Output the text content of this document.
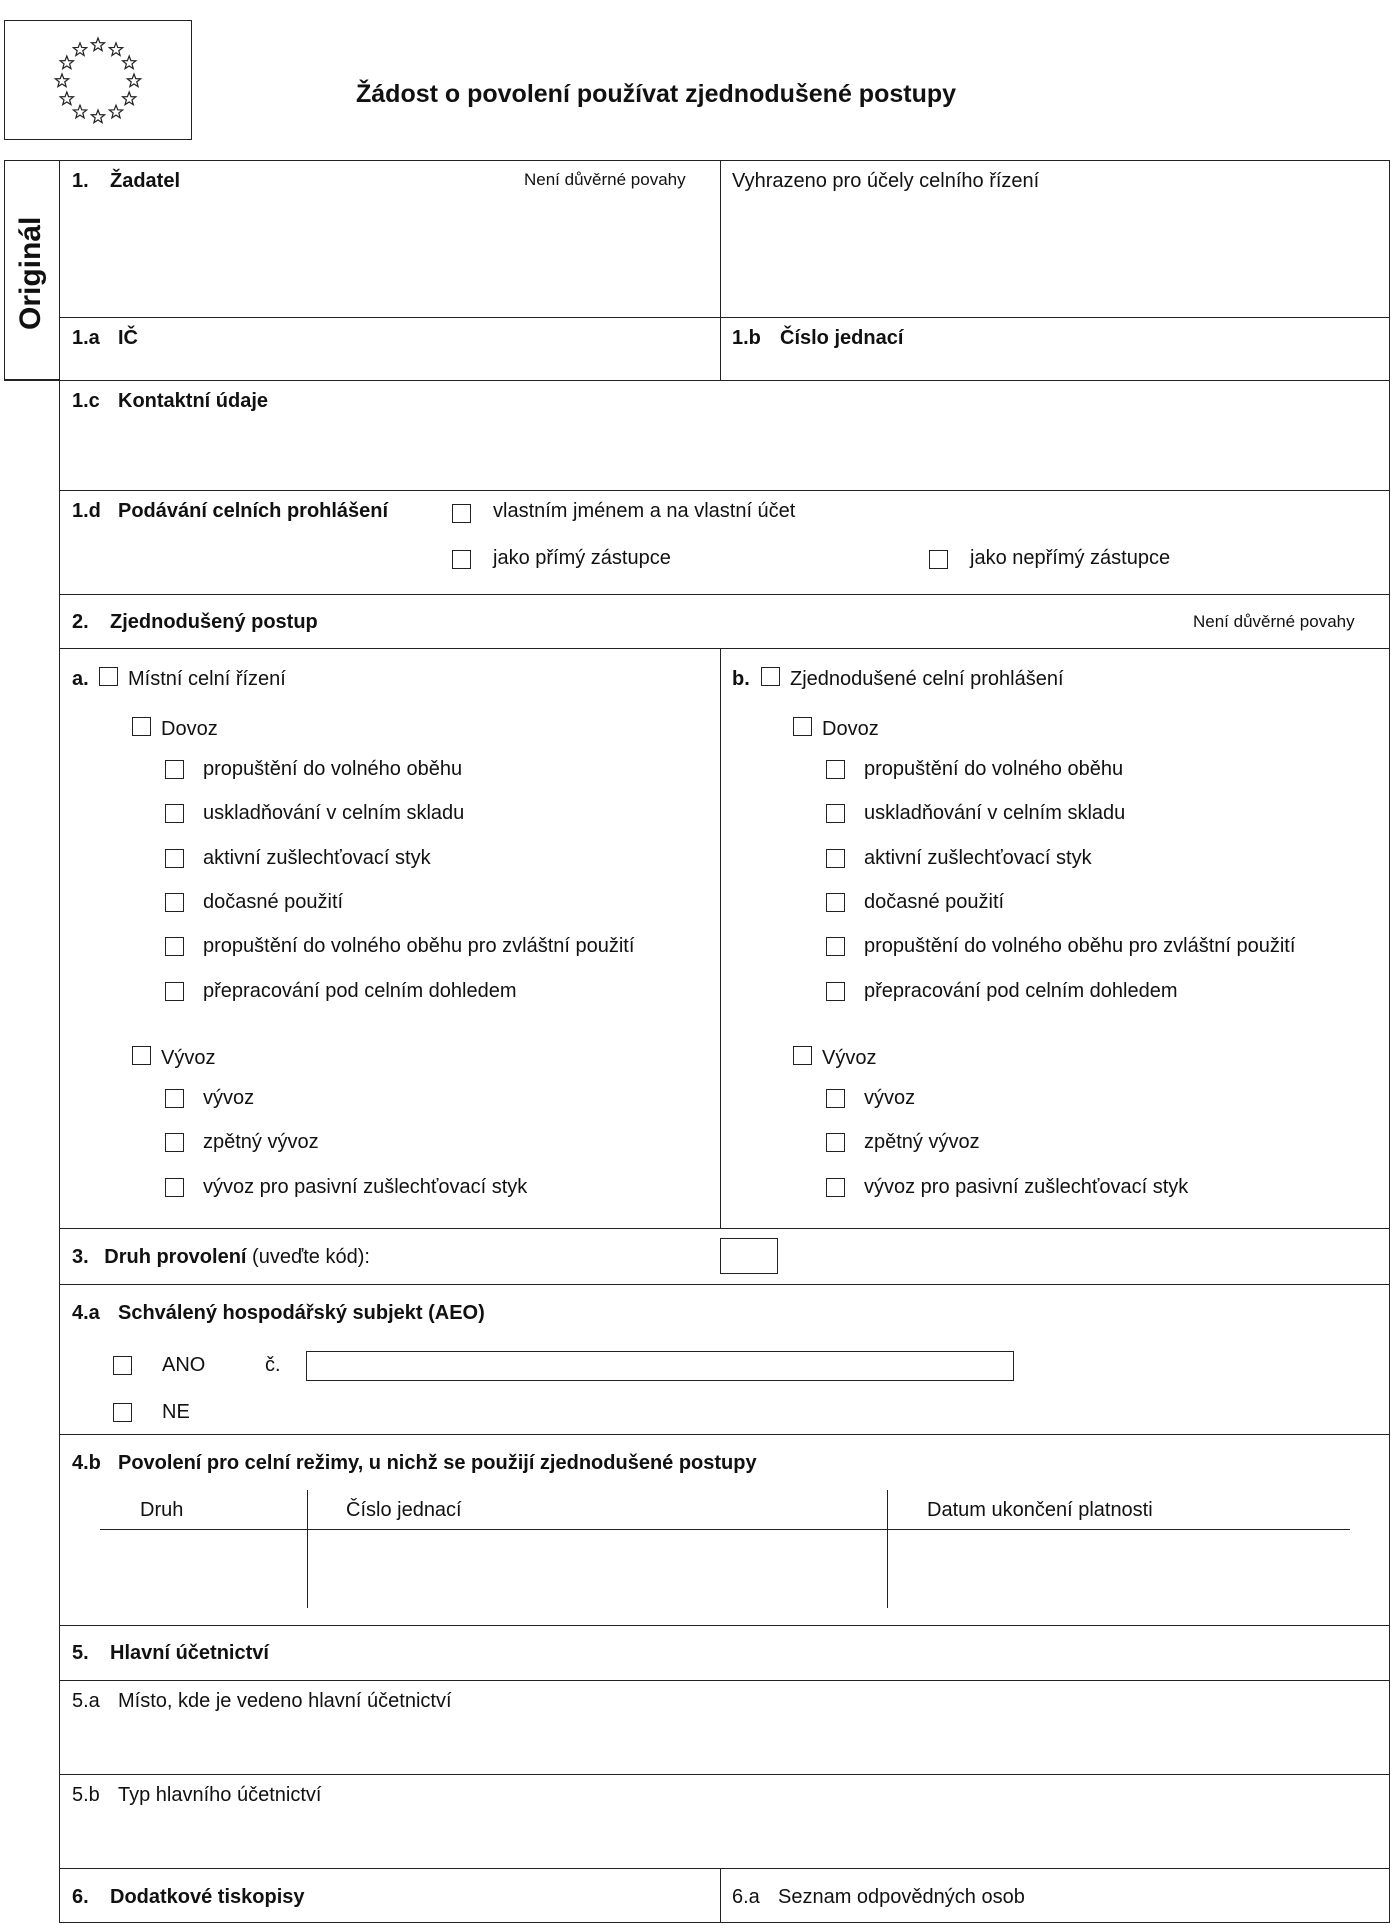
Žádost o povolení používat zjednodušené postupy
Originál
1. Žadatel	Není důvěrné povahy Vyhrazeno pro účely celního řízení
1.a IČ	1.b Číslo jednací
1.c Kontaktní údaje
1.d Podávání celních prohlášení	vlastním jménem a na vlastní účet
jako přímý zástupce	jako nepřímý zástupce
2. Zjednodušený postup	Není důvěrné povahy
a. Místní celní řízení
Dovoz
propuštění do volného oběhu
uskladňování v celním skladu
aktivní zušlechťovací styk
dočasné použití
propuštění do volného oběhu pro zvláštní použití
přepracování pod celním dohledem
Vývoz
vývoz
zpětný vývoz
vývoz pro pasivní zušlechťovací styk
b. Zjednodušené celní prohlášení
Dovoz
propuštění do volného oběhu
uskladňování v celním skladu
aktivní zušlechťovací styk
dočasné použití
propuštění do volného oběhu pro zvláštní použití
přepracování pod celním dohledem
Vývoz
vývoz
zpětný vývoz
vývoz pro pasivní zušlechťovací styk
3. Druh provolení (uveďte kód):
4.a Schválený hospodářský subjekt (AEO)
ANO	č.
NE
4.b Povolení pro celní režimy, u nichž se použijí zjednodušené postupy
Druh	Číslo jednací	Datum ukončení platnosti
5. Hlavní účetnictví
5.a Místo, kde je vedeno hlavní účetnictví
5.b Typ hlavního účetnictví
6. Dodatkové tiskopisy	6.a Seznam odpovědných osob
